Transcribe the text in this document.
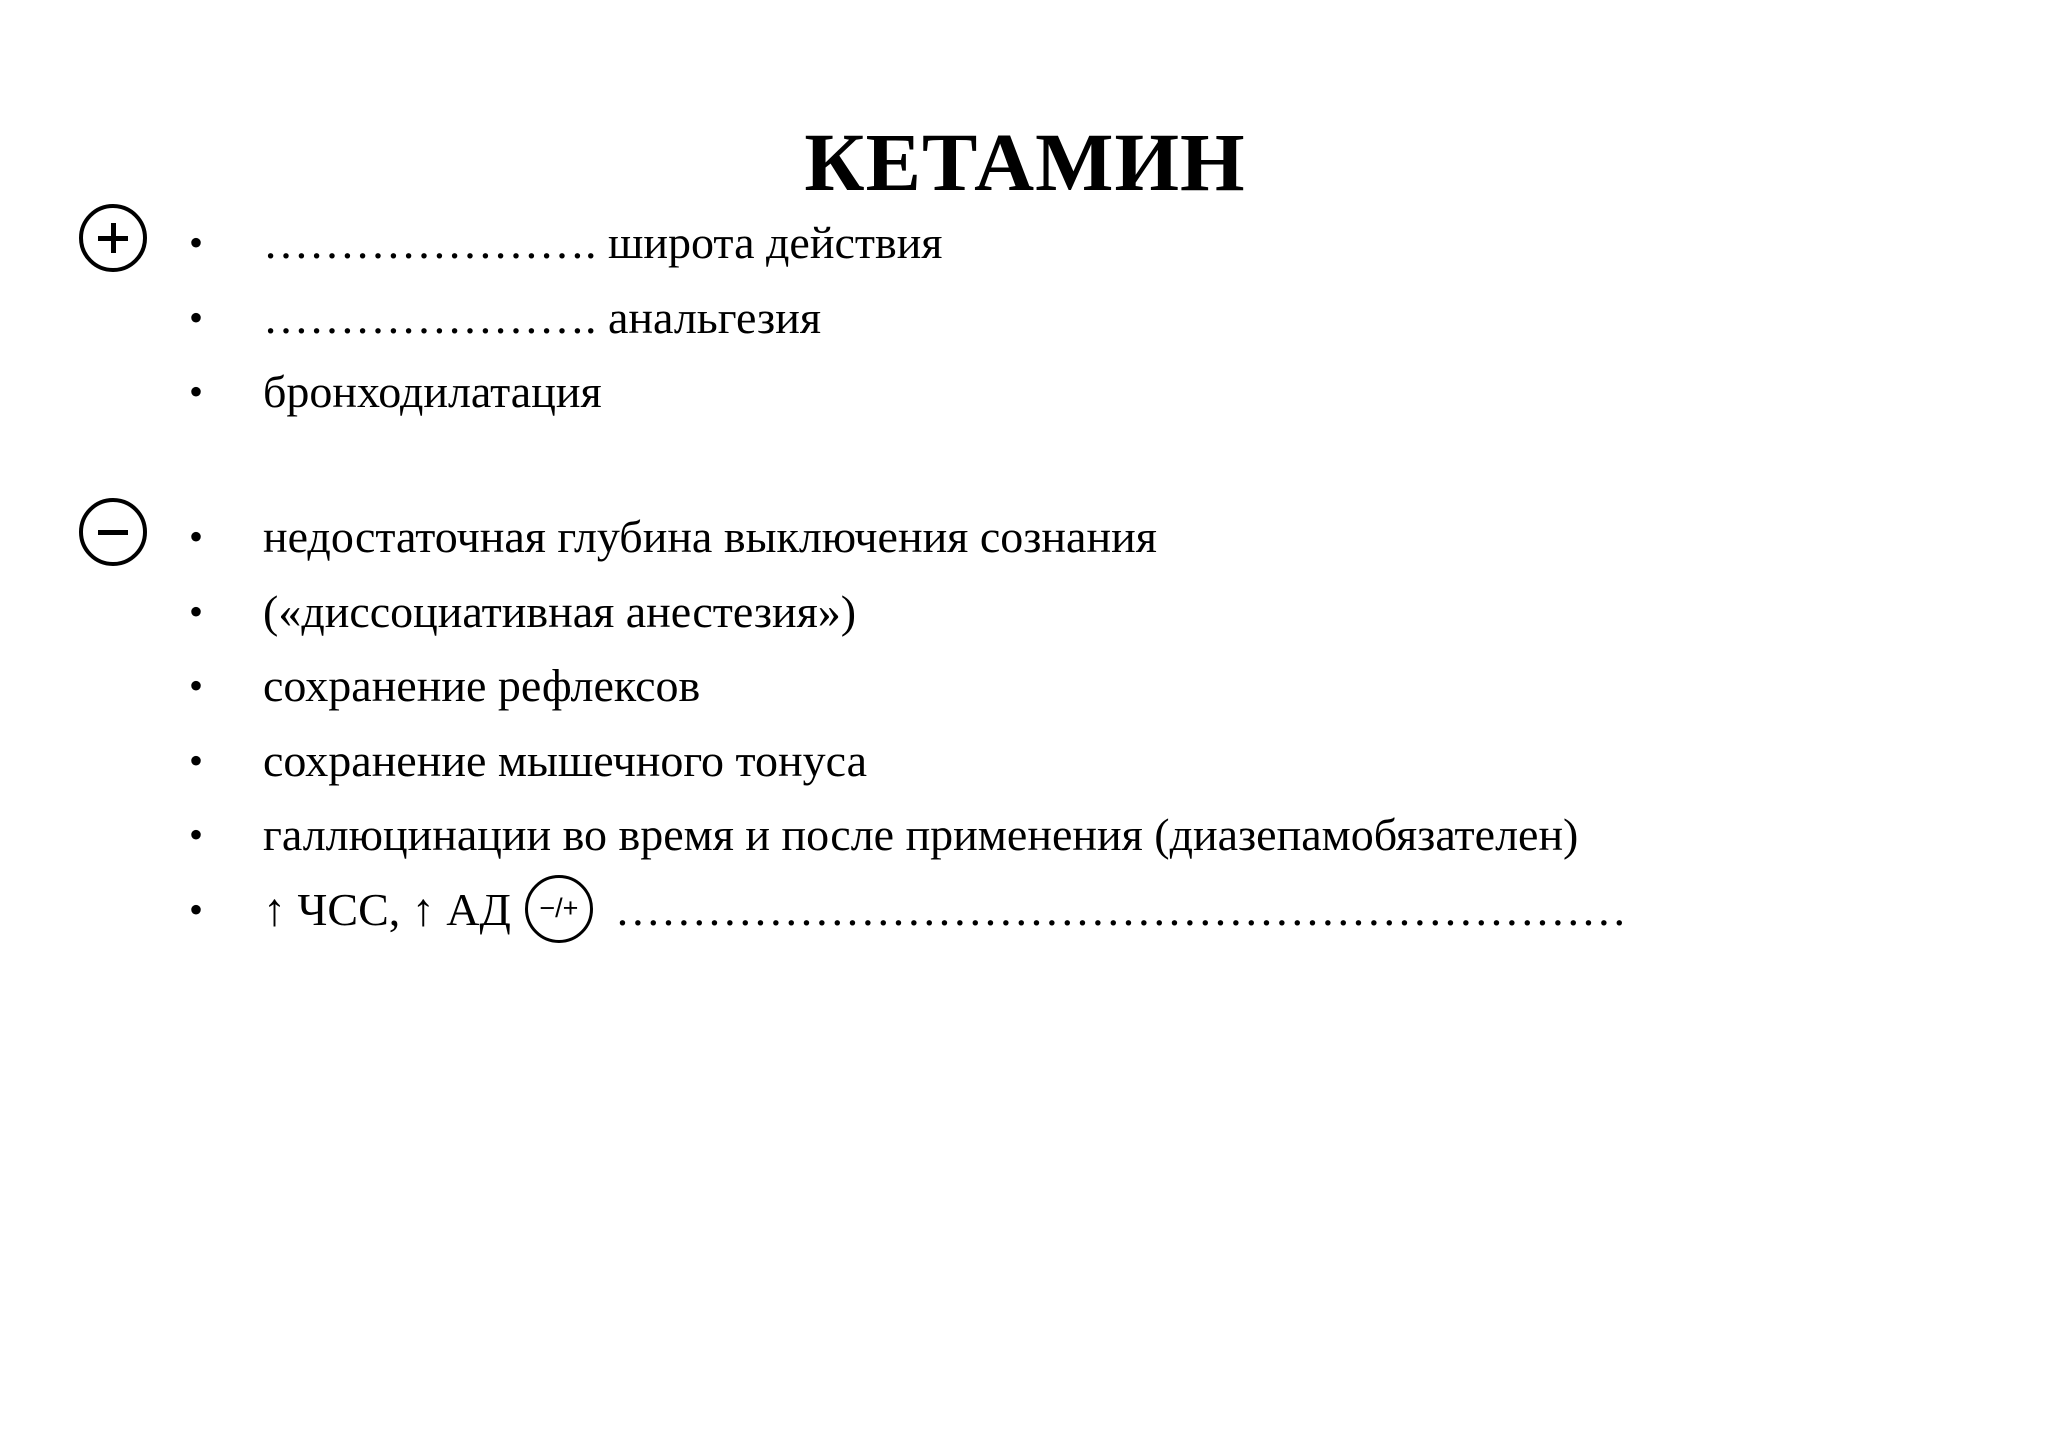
КЕТАМИН
• …………………. широта действия
• …………………. анальгезия
• бронходилатация
• недостаточная глубина выключения сознания
• («диссоциативная анестезия»)
• сохранение рефлексов
• сохранение мышечного тонуса
• галлюцинации во время и после применения (диазепамобязателен)
• ↑ ЧСС, ↑ АД −/+ …………………………………………………………
